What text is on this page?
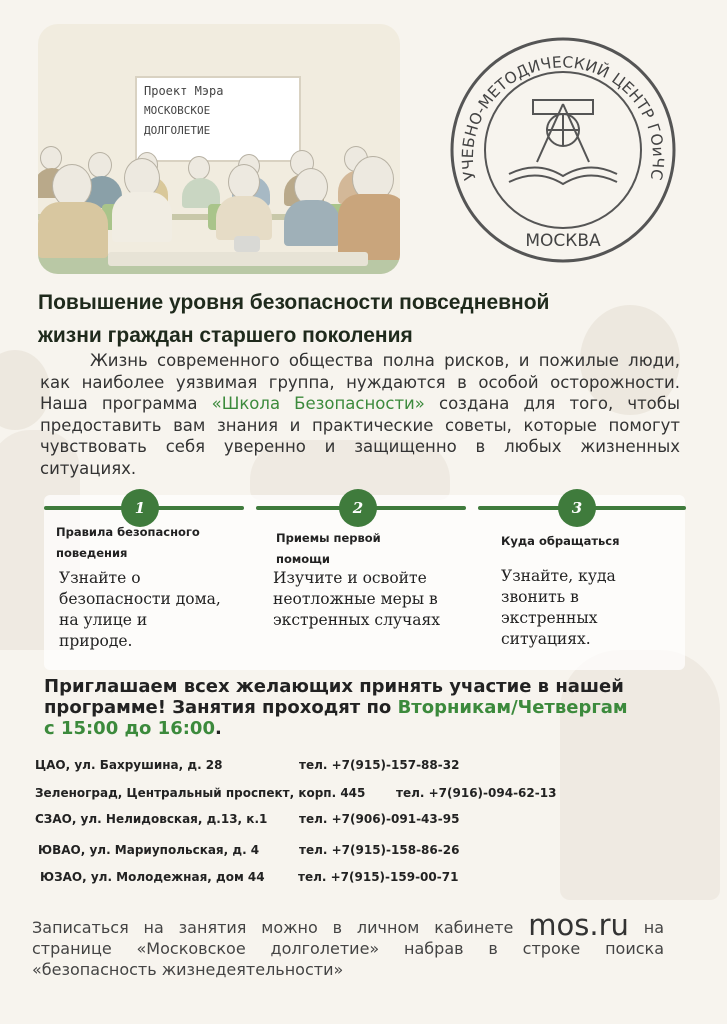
Проект Мэра
МОСКОВСКОЕ
ДОЛГОЛЕТИЕ
УЧЕБНО-МЕТОДИЧЕСКИЙ ЦЕНТР ГОиЧС
МОСКВА
Повышение уровня безопасности повседневной
жизни граждан старшего поколения
Жизнь современного общества полна рисков, и пожилые люди, как наиболее уязвимая группа, нуждаются в особой осторожности. Наша программа «Школа Безопасности» создана для того, чтобы предоставить вам знания и практические советы, которые помогут чувствовать себя уверенно и защищенно в любых жизненных ситуациях.
1	2	3
Правила безопасного поведения
Приемы первой помощи
Куда обращаться
Узнайте о безопасности дома, на улице и природе.
Изучите и освойте неотложные меры в экстренных случаях
Узнайте, куда звонить в экстренных ситуациях.
Приглашаем всех желающих принять участие в нашей
программе! Занятия проходят по Вторникам/Четвергам
с 15:00 до 16:00.
ЦАО, ул. Бахрушина, д. 28	тел. +7(915)-157-88-32
Зеленоград, Центральный проспект, корп. 445	тел. +7(916)-094-62-13
СЗАО, ул. Нелидовская, д.13, к.1	тел. +7(906)-091-43-95
ЮВАО, ул. Мариупольская, д. 4	тел. +7(915)-158-86-26
ЮЗАО, ул. Молодежная, дом 44	тел. +7(915)-159-00-71
Записаться на занятия можно в личном кабинете mos.ru на странице «Московское долголетие» набрав в строке поиска «безопасность жизнедеятельности»
